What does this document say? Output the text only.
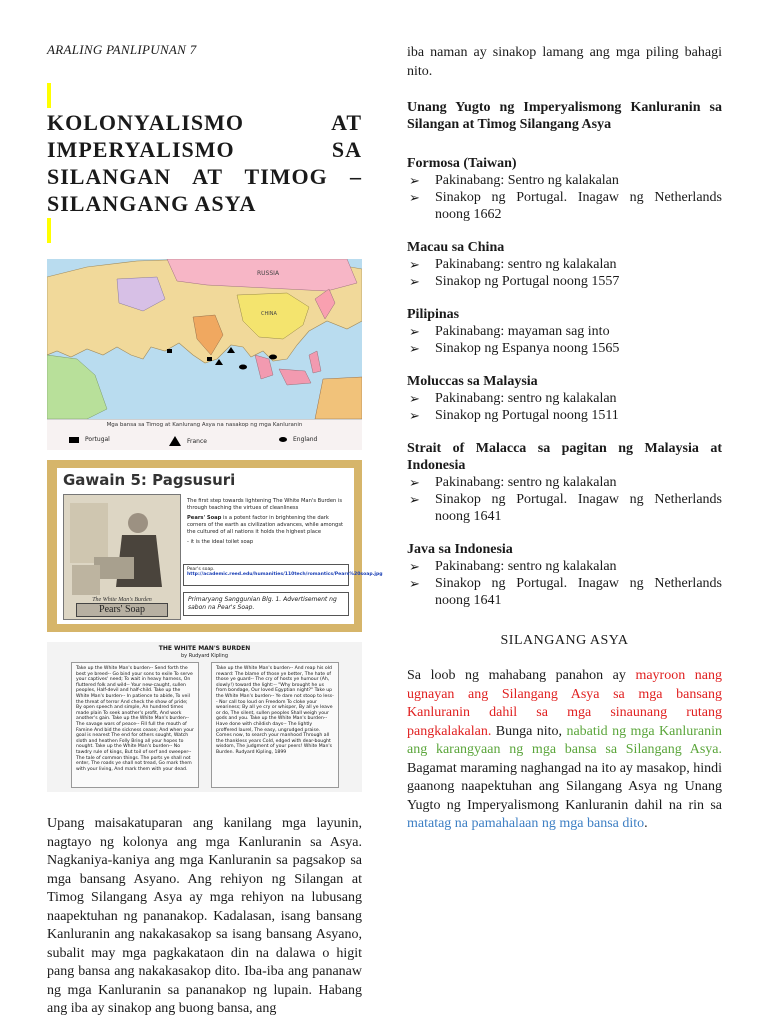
ARALING PANLIPUNAN 7

KOLONYALISMO AT
IMPERYALISMO SA
SILANGAN AT TIMOG –
SILANGANG ASYA
RUSSIA
CHINA
Mga bansa sa Timog at Kanlurang Asya na nasakop ng mga Kanluranin
Portugal	France	England
Gawain 5: Pagsusuri
The White Man's Burden
Pears' Soap

The first step towards lightening The White Man's Burden is through teaching the virtues of cleanliness

Pears' Soap is a potent factor in brightening the dark corners of the earth as civilization advances, while amongst the cultured of all nations it holds the highest place

- it is the ideal toilet soap

Pear's soap.
http://academic.reed.edu/humanities/110tech/romantics/Pears%20soap.jpg
Primaryang Sanggunian Blg. 1. Advertisement ng sabon na Pear's Soap.
THE WHITE MAN'S BURDEN
by Rudyard Kipling
Take up the White Man's burden-- Send forth the best ye breed-- Go bind your sons to exile To serve your captives' need; To wait in heavy harness, On fluttered folk and wild-- Your new-caught, sullen peoples, Half-devil and half-child. Take up the White Man's burden-- In patience to abide, To veil the threat of terror And check the show of pride; By open speech and simple, An hundred times made plain To seek another's profit, And work another's gain. Take up the White Man's burden-- The savage wars of peace-- Fill full the mouth of Famine And bid the sickness cease; And when your goal is nearest The end for others sought, Watch sloth and heathen Folly Bring all your hopes to nought. Take up the White Man's burden-- No tawdry rule of kings, But toil of serf and sweeper-- The tale of common things. The ports ye shall not enter, The roads ye shall not tread, Go mark them with your living, And mark them with your dead.
Take up the White Man's burden-- And reap his old reward: The blame of those ye better, The hate of those ye guard-- The cry of hosts ye humour (Ah, slowly!) toward the light:-- "Why brought he us from bondage, Our loved Egyptian night?" Take up the White Man's burden-- Ye dare not stoop to less-- Nor call too loud on Freedom To cloke your weariness; By all ye cry or whisper, By all ye leave or do, The silent, sullen peoples Shall weigh your gods and you. Take up the White Man's burden-- Have done with childish days-- The lightly proffered laurel, The easy, ungrudged praise. Comes now, to search your manhood Through all the thankless years Cold, edged with dear-bought wisdom, The judgment of your peers! White Man's Burden. Rudyard Kipling, 1899

Upang maisakatuparan ang kanilang mga layunin, nagtayo ng kolonya ang mga Kanluranin sa Asya. Nagkaniya-kaniya ang mga Kanluranin sa pagsakop sa mga bansang Asyano. Ang rehiyon ng Silangan at Timog Silangang Asya ay mga rehiyon na lubusang naapektuhan ng pananakop. Kadalasan, isang bansang Kanluranin ang nakakasakop sa isang bansang Asyano, subalit may mga pagkakataon din na dalawa o higit pang bansa ang nakakasakop dito. Iba-iba ang pananaw ng mga Kanluranin sa pananakop ng lupain. Habang ang iba ay sinakop ang buong bansa, ang

iba naman ay sinakop lamang ang mga piling bahagi nito.

Unang Yugto ng Imperyalismong Kanluranin sa Silangan at Timog Silangang Asya

Formosa (Taiwan)

➢ Pakinabang: Sentro ng kalakalan
➢ Sinakop ng Portugal. Inagaw ng Netherlands noong 1662

Macau sa China

➢ Pakinabang: sentro ng kalakalan
➢ Sinakop ng Portugal noong 1557

Pilipinas

➢ Pakinabang: mayaman sag into
➢ Sinakop ng Espanya noong 1565

Moluccas sa Malaysia

➢ Pakinabang: sentro ng kalakalan
➢ Sinakop ng Portugal noong 1511

Strait of Malacca sa pagitan ng Malaysia at Indonesia

➢ Pakinabang: sentro ng kalakalan
➢ Sinakop ng Portugal. Inagaw ng Netherlands noong 1641

Java sa Indonesia

➢ Pakinabang: sentro ng kalakalan
➢ Sinakop ng Portugal. Inagaw ng Netherlands noong 1641

SILANGANG ASYA

Sa loob ng mahabang panahon ay mayroon nang ugnayan ang Silangang Asya sa mga bansang Kanluranin dahil sa mga sinaunang rutang pangkalakalan. Bunga nito, nabatid ng mga Kanluranin ang karangyaan ng mga bansa sa Silangang Asya. Bagamat maraming naghangad na ito ay masakop, hindi gaanong naapektuhan ang Silangang Asya ng Unang Yugto ng Imperyalismong Kanluranin dahil na rin sa matatag na pamahalaan ng mga bansa dito.
